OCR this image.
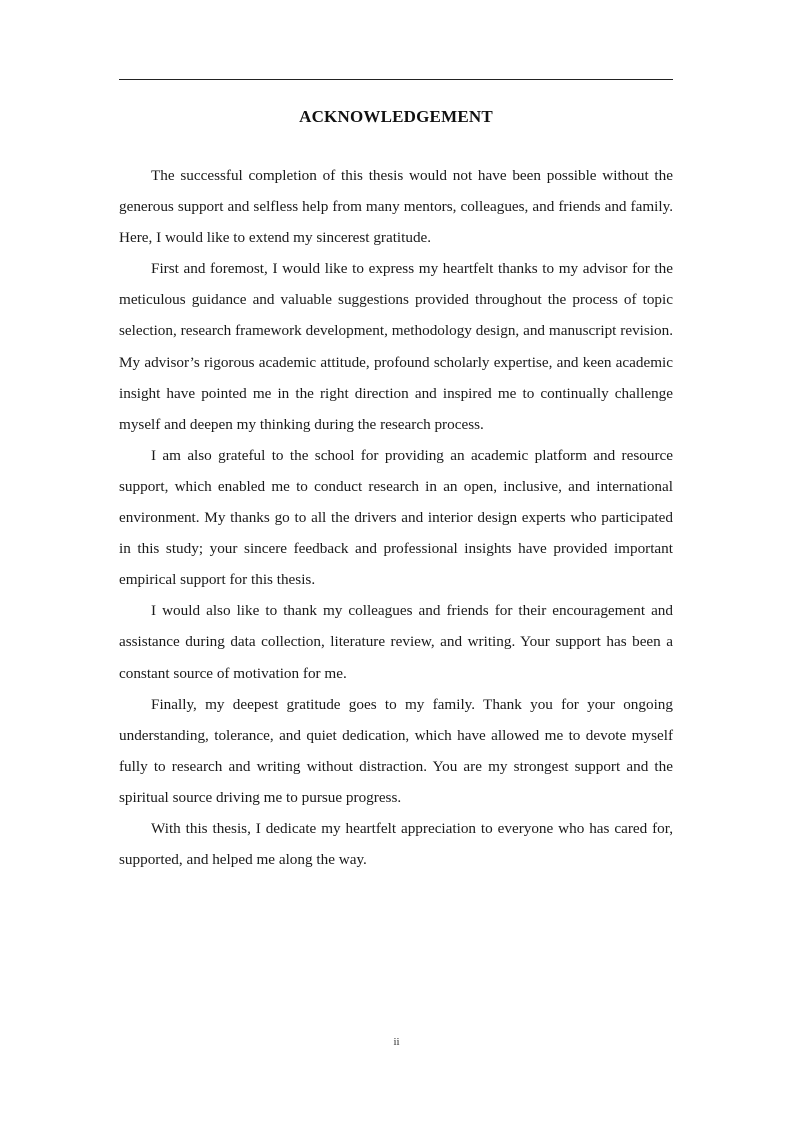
ACKNOWLEDGEMENT

The successful completion of this thesis would not have been possible without the generous support and selfless help from many mentors, colleagues, and friends and family. Here, I would like to extend my sincerest gratitude.

First and foremost, I would like to express my heartfelt thanks to my advisor for the meticulous guidance and valuable suggestions provided throughout the process of topic selection, research framework development, methodology design, and manuscript revision. My advisor’s rigorous academic attitude, profound scholarly expertise, and keen academic insight have pointed me in the right direction and inspired me to continually challenge myself and deepen my thinking during the research process.

I am also grateful to the school for providing an academic platform and resource support, which enabled me to conduct research in an open, inclusive, and international environment. My thanks go to all the drivers and interior design experts who participated in this study; your sincere feedback and professional insights have provided important empirical support for this thesis.

I would also like to thank my colleagues and friends for their encouragement and assistance during data collection, literature review, and writing. Your support has been a constant source of motivation for me.

Finally, my deepest gratitude goes to my family. Thank you for your ongoing understanding, tolerance, and quiet dedication, which have allowed me to devote myself fully to research and writing without distraction. You are my strongest support and the spiritual source driving me to pursue progress.

With this thesis, I dedicate my heartfelt appreciation to everyone who has cared for, supported, and helped me along the way.

ii
